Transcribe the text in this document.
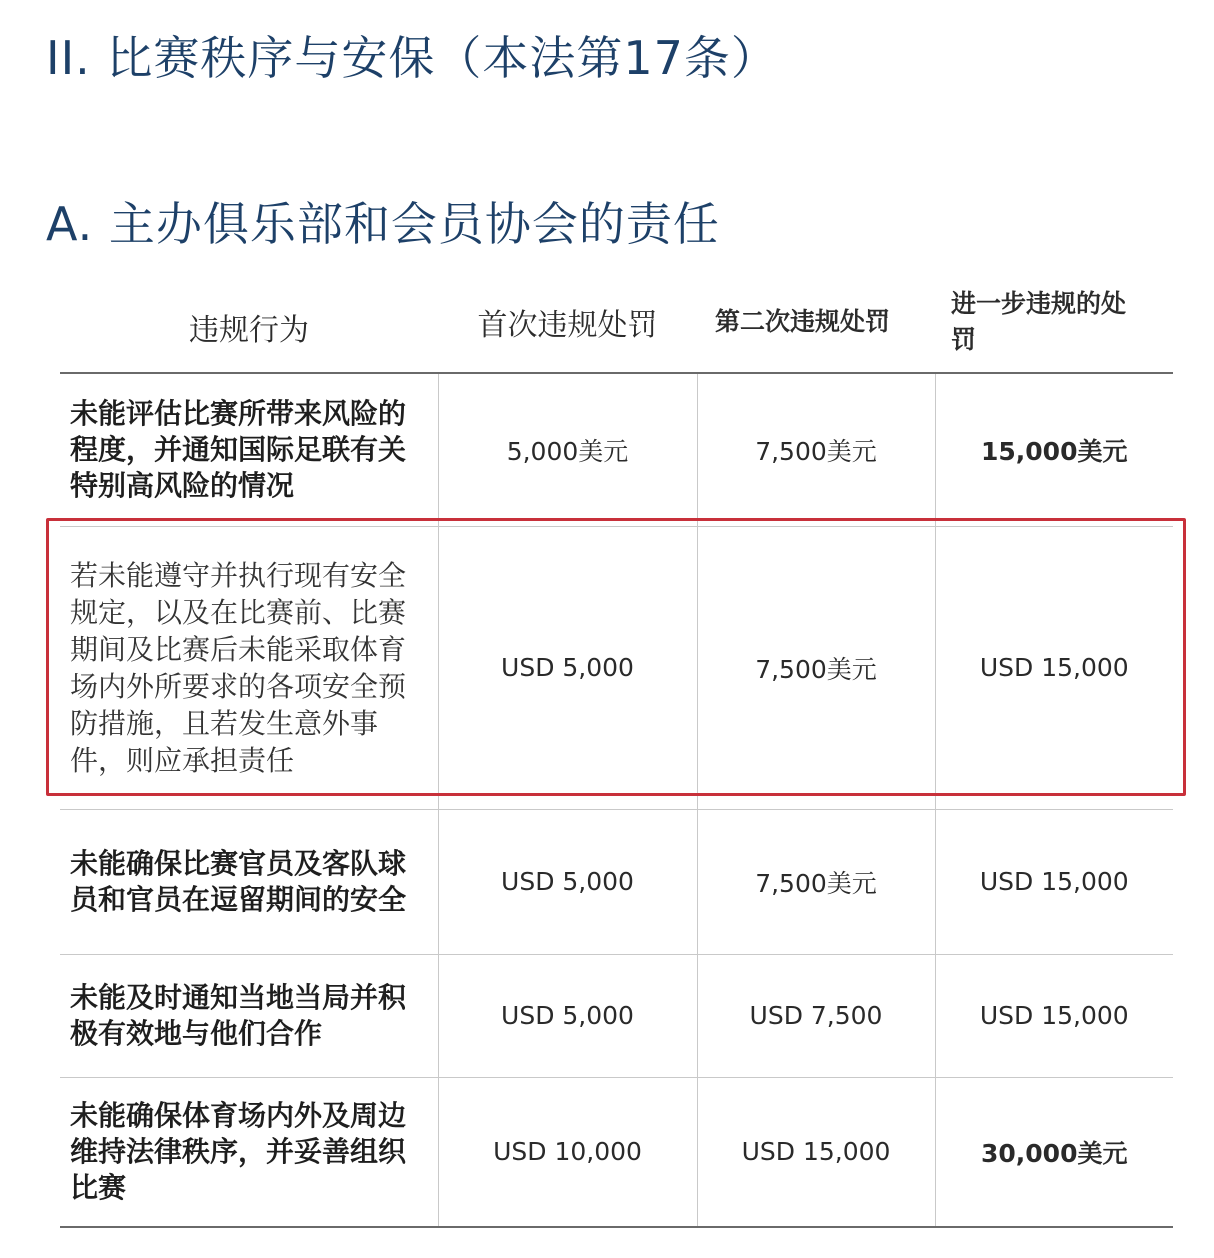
II. 比赛秩序与安保（本法第17条）
A. 主办俱乐部和会员协会的责任
违规行为	首次违规处罚	第二次违规处罚	进一步违规的处罚
未能评估比赛所带来风险的程度，并通知国际足联有关特别高风险的情况	5,000美元	7,500美元	15,000美元
若未能遵守并执行现有安全规定，以及在比赛前、比赛期间及比赛后未能采取体育场内外所要求的各项安全预防措施，且若发生意外事件，则应承担责任	USD 5,000	7,500美元	USD 15,000
未能确保比赛官员及客队球员和官员在逗留期间的安全	USD 5,000	7,500美元	USD 15,000
未能及时通知当地当局并积极有效地与他们合作	USD 5,000	USD 7,500	USD 15,000
未能确保体育场内外及周边维持法律秩序，并妥善组织比赛	USD 10,000	USD 15,000	30,000美元
